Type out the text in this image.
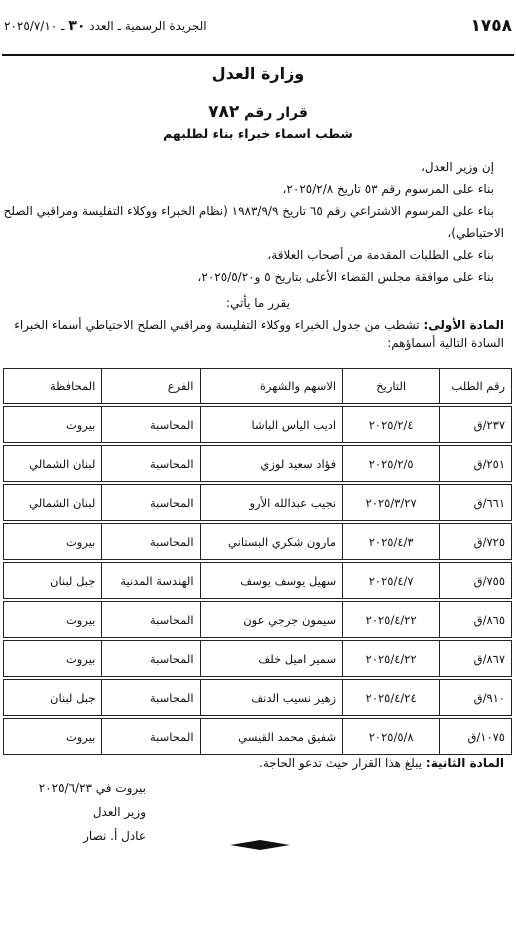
١٧٥٨
الجريدة الرسمية ـ العدد ٣٠ ـ ٢٠٢٥/٧/١٠
وزارة العدل
قرار رقم ٧٨٢
شطب اسماء خبراء بناء لطلبهم
إن وزير العدل،
بناء على المرسوم رقم ٥٣ تاريخ ٢٠٢٥/٢/٨،
بناء على المرسوم الاشتراعي رقم ٦٥ تاريخ ١٩٨٣/٩/٩ (نظام الخبراء ووكلاء التفليسة ومراقبي الصلح
الاحتياطي)،
بناء على الطلبات المقدمة من أصحاب العلاقة،
بناء على موافقة مجلس القضاء الأعلى بتاريخ ٥ و٢٠٢٥/٥/٢٠،
يقرر ما يأتي:
المادة الأولى: تشطب من جدول الخبراء ووكلاء التفليسة ومراقبي الصلح الاحتياطي أسماء الخبراء السادة التالية أسماؤهم:
رقم الطلب	التاريخ	الاسهم والشهرة	الفرع	المحافظة

٢٣٧/ق	٢٠٢٥/٢/٤	اديب الياس الباشا	المحاسبة	بيروت

٢٥١/ق	٢٠٢٥/٢/٥	فؤاد سعيد لوزي	المحاسبة	لبنان الشمالي

٦٦١/ق	٢٠٢٥/٣/٢٧	نجيب عبدالله الأرو	المحاسبة	لبنان الشمالي

٧٢٥/ق	٢٠٢٥/٤/٣	مارون شكري البستاني	المحاسبة	بيروت

٧٥٥/ق	٢٠٢٥/٤/٧	سهيل يوسف يوسف	الهندسة المدنية	جبل لبنان

٨٦٥/ق	٢٠٢٥/٤/٢٢	سيمون جرجي عون	المحاسبة	بيروت

٨٦٧/ق	٢٠٢٥/٤/٢٢	سمير اميل خلف	المحاسبة	بيروت

٩١٠/ق	٢٠٢٥/٤/٢٤	زهير نسيب الدنف	المحاسبة	جبل لبنان

١٠٧٥/ق	٢٠٢٥/٥/٨	شفيق محمد القيسي	المحاسبة	بيروت
المادة الثانية: يبلغ هذا القرار حيث تدعو الحاجة.
بيروت في ٢٠٢٥/٦/٢٣
وزير العدل
عادل أ. نصار
